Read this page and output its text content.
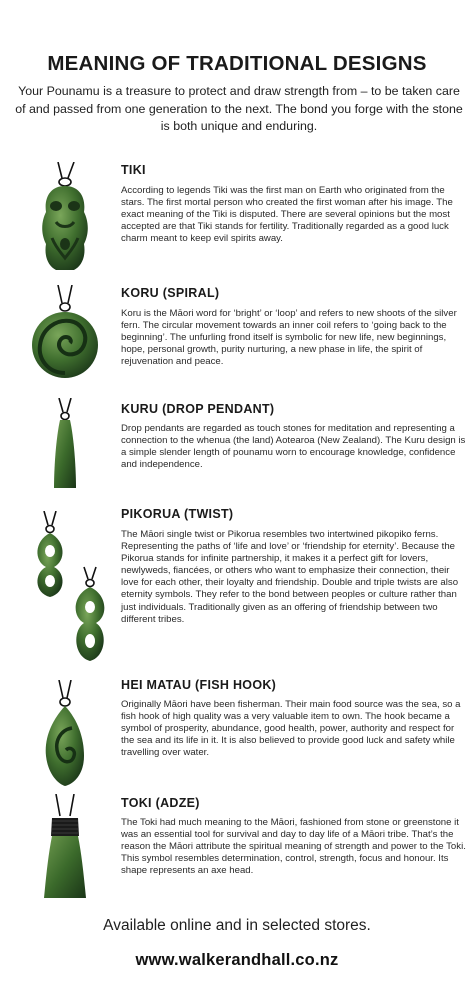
MEANING OF TRADITIONAL DESIGNS
Your Pounamu is a treasure to protect and draw strength from – to be taken care of and passed from one generation to the next. The bond you forge with the stone is both unique and enduring.
TIKI
According to legends Tiki was the first man on Earth who originated from the stars. The first mortal person who created the first woman after his image. The exact meaning of the Tiki is disputed. There are several opinions but the most accepted are that Tiki stands for fertility. Traditionally regarded as a good luck charm meant to keep evil spirits away.
KORU (SPIRAL)
Koru is the Māori word for ‘bright’ or ‘loop’ and refers to new shoots of the silver fern. The circular movement towards an inner coil refers to ‘going back to the beginning’. The unfurling frond itself is symbolic for new life, new beginnings, hope, personal growth, purity nurturing, a new phase in life, the spirit of rejuvenation and peace.
KURU (DROP PENDANT)
Drop pendants are regarded as touch stones for meditation and representing a connection to the whenua (the land) Aotearoa (New Zealand). The Kuru design is a simple slender length of pounamu worn to encourage knowledge, confidence and independence.
PIKORUA (TWIST)
The Māori single twist or Pikorua resembles two intertwined pikopiko ferns. Representing the paths of ‘life and love’ or ‘friendship for eternity’. Because the Pikorua stands for infinite partnership, it makes it a perfect gift for lovers, newlyweds, fiancées, or others who want to emphasize their connection, their love for each other, their loyalty and friendship. Double and triple twists are also eternity symbols. They refer to the bond between peoples or culture rather than just individuals. Traditionally given as an offering of friendship between two different tribes.
HEI MATAU (FISH HOOK)
Originally Māori have been fisherman. Their main food source was the sea, so a fish hook of high quality was a very valuable item to own. The hook became a symbol of prosperity, abundance, good health, power, authority and respect for the sea and its life in it. It is also believed to provide good luck and safety while travelling over water.
TOKI (ADZE)
The Toki had much meaning to the Māori, fashioned from stone or greenstone it was an essential tool for survival and day to day life of a Māori tribe. That’s the reason the Māori attribute the spiritual meaning of strength and power to the Toki. This symbol resembles determination, control, strength, focus and honour. Its shape represents an axe head.
Available online and in selected stores.
www.walkerandhall.co.nz
